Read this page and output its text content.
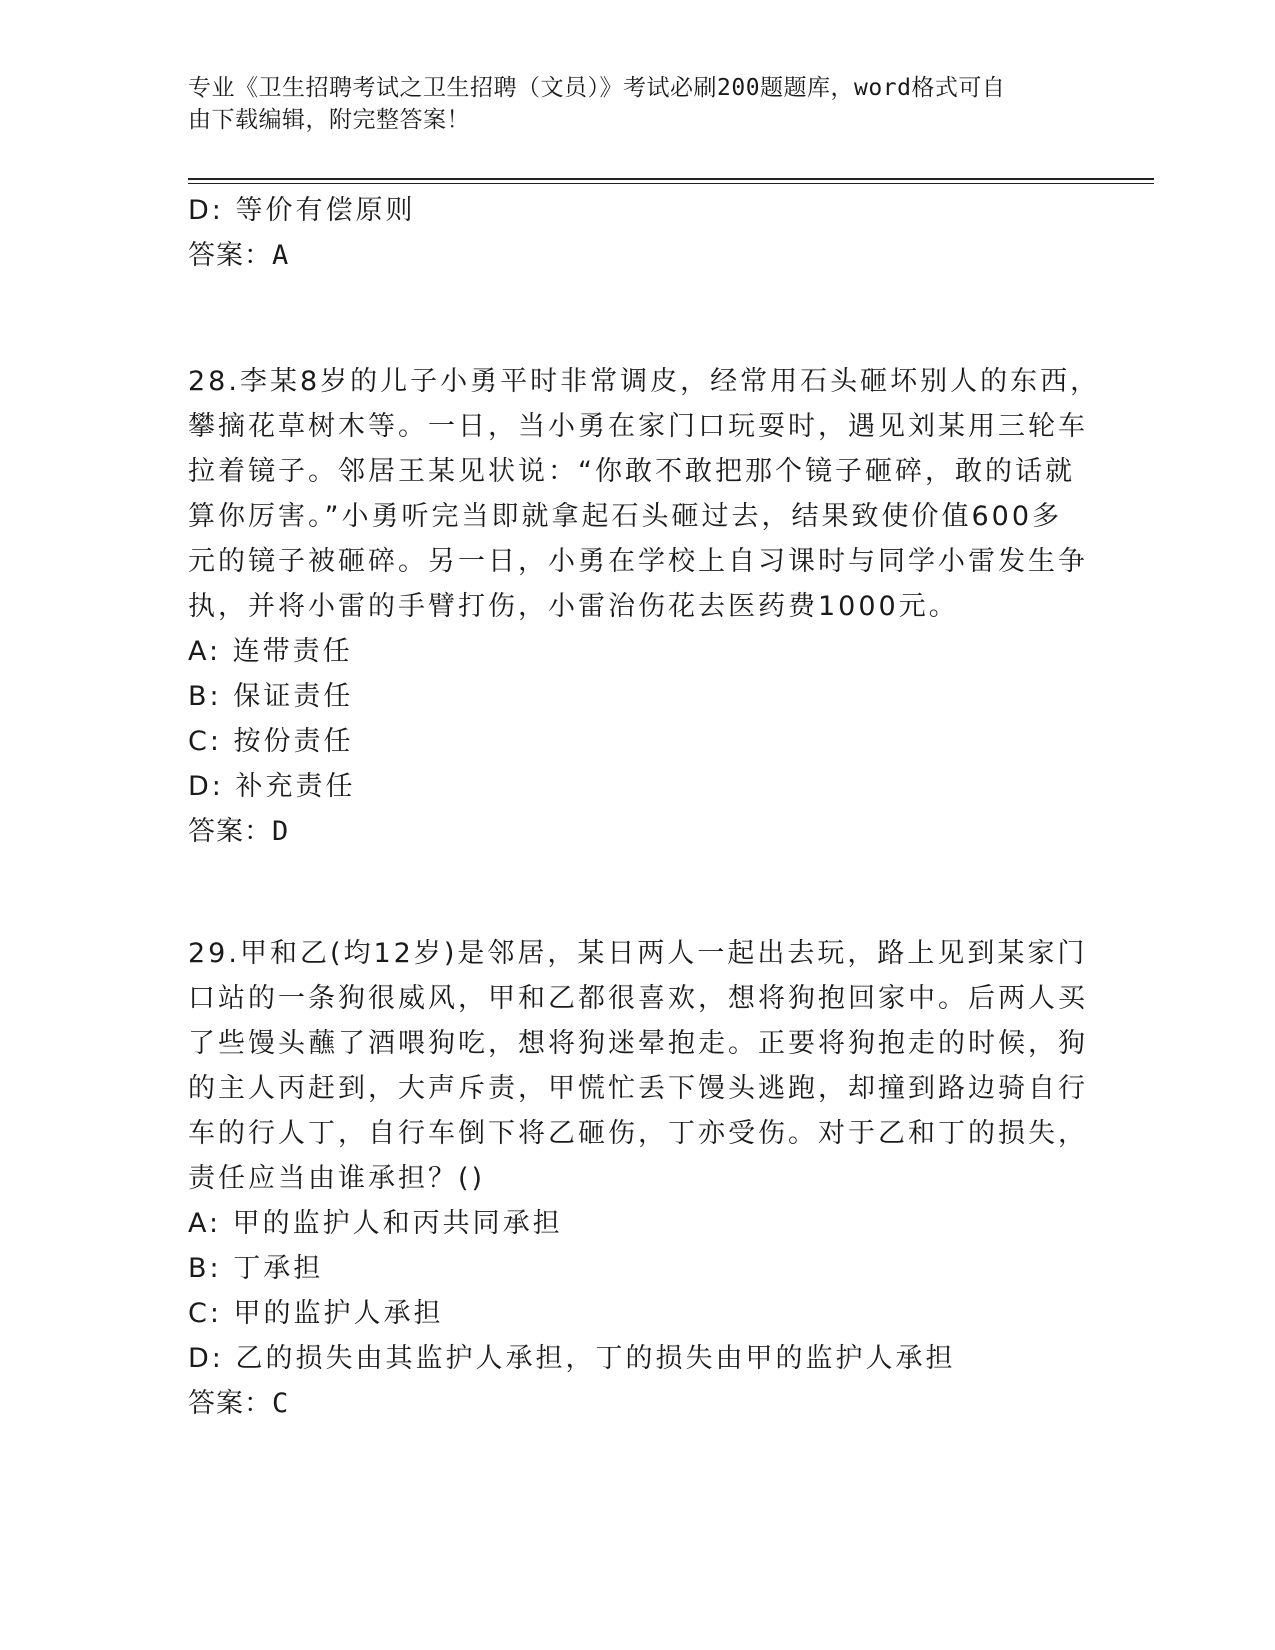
专业《卫生招聘考试之卫生招聘（文员）》考试必刷200题题库，word格式可自
由下载编辑，附完整答案！
D: 等价有偿原则
答案：A
28.李某8岁的儿子小勇平时非常调皮，经常用石头砸坏别人的东西，
攀摘花草树木等。一日，当小勇在家门口玩耍时，遇见刘某用三轮车
拉着镜子。邻居王某见状说：“你敢不敢把那个镜子砸碎，敢的话就
算你厉害。”小勇听完当即就拿起石头砸过去，结果致使价值600多
元的镜子被砸碎。另一日，小勇在学校上自习课时与同学小雷发生争
执，并将小雷的手臂打伤，小雷治伤花去医药费1000元。
A: 连带责任
B: 保证责任
C: 按份责任
D: 补充责任
答案：D
29.甲和乙(均12岁)是邻居，某日两人一起出去玩，路上见到某家门
口站的一条狗很威风，甲和乙都很喜欢，想将狗抱回家中。后两人买
了些馒头蘸了酒喂狗吃，想将狗迷晕抱走。正要将狗抱走的时候，狗
的主人丙赶到，大声斥责，甲慌忙丢下馒头逃跑，却撞到路边骑自行
车的行人丁，自行车倒下将乙砸伤，丁亦受伤。对于乙和丁的损失，
责任应当由谁承担？()
A: 甲的监护人和丙共同承担
B: 丁承担
C: 甲的监护人承担
D: 乙的损失由其监护人承担，丁的损失由甲的监护人承担
答案：C
